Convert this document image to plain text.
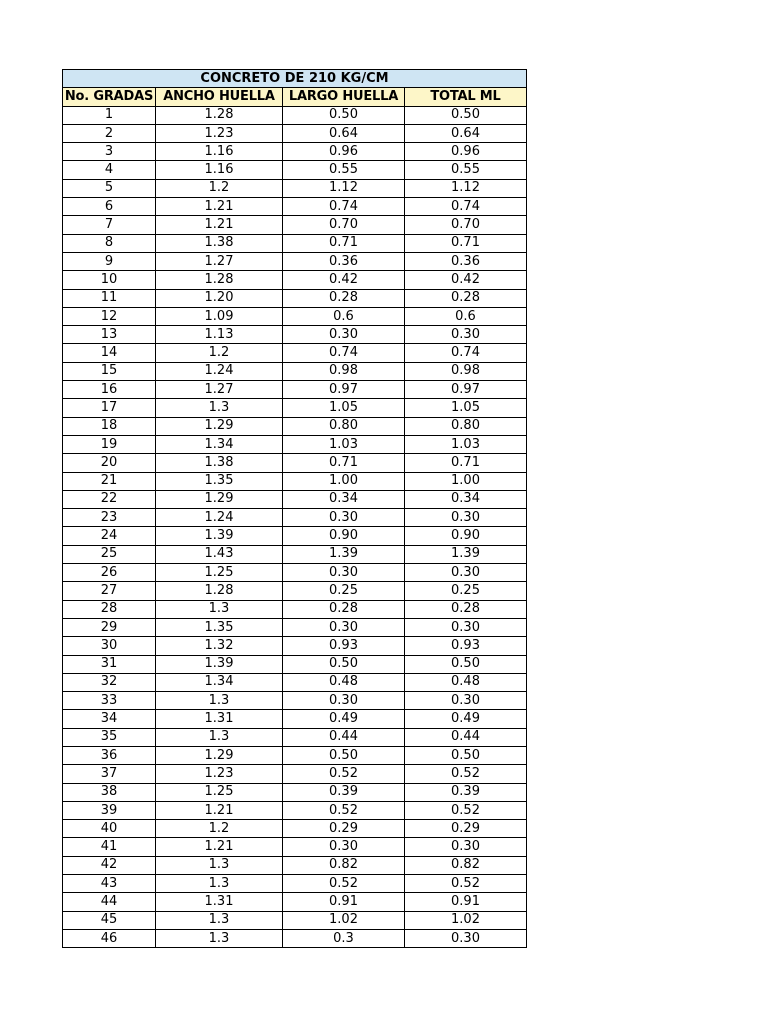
CONCRETO DE 210 KG/CM			
No. GRADAS	ANCHO HUELLA	LARGO HUELLA	TOTAL ML
1	1.28	0.50	0.50
2	1.23	0.64	0.64
3	1.16	0.96	0.96
4	1.16	0.55	0.55
5	1.2	1.12	1.12
6	1.21	0.74	0.74
7	1.21	0.70	0.70
8	1.38	0.71	0.71
9	1.27	0.36	0.36
10	1.28	0.42	0.42
11	1.20	0.28	0.28
12	1.09	0.6	0.6
13	1.13	0.30	0.30
14	1.2	0.74	0.74
15	1.24	0.98	0.98
16	1.27	0.97	0.97
17	1.3	1.05	1.05
18	1.29	0.80	0.80
19	1.34	1.03	1.03
20	1.38	0.71	0.71
21	1.35	1.00	1.00
22	1.29	0.34	0.34
23	1.24	0.30	0.30
24	1.39	0.90	0.90
25	1.43	1.39	1.39
26	1.25	0.30	0.30
27	1.28	0.25	0.25
28	1.3	0.28	0.28
29	1.35	0.30	0.30
30	1.32	0.93	0.93
31	1.39	0.50	0.50
32	1.34	0.48	0.48
33	1.3	0.30	0.30
34	1.31	0.49	0.49
35	1.3	0.44	0.44
36	1.29	0.50	0.50
37	1.23	0.52	0.52
38	1.25	0.39	0.39
39	1.21	0.52	0.52
40	1.2	0.29	0.29
41	1.21	0.30	0.30
42	1.3	0.82	0.82
43	1.3	0.52	0.52
44	1.31	0.91	0.91
45	1.3	1.02	1.02
46	1.3	0.3	0.30
